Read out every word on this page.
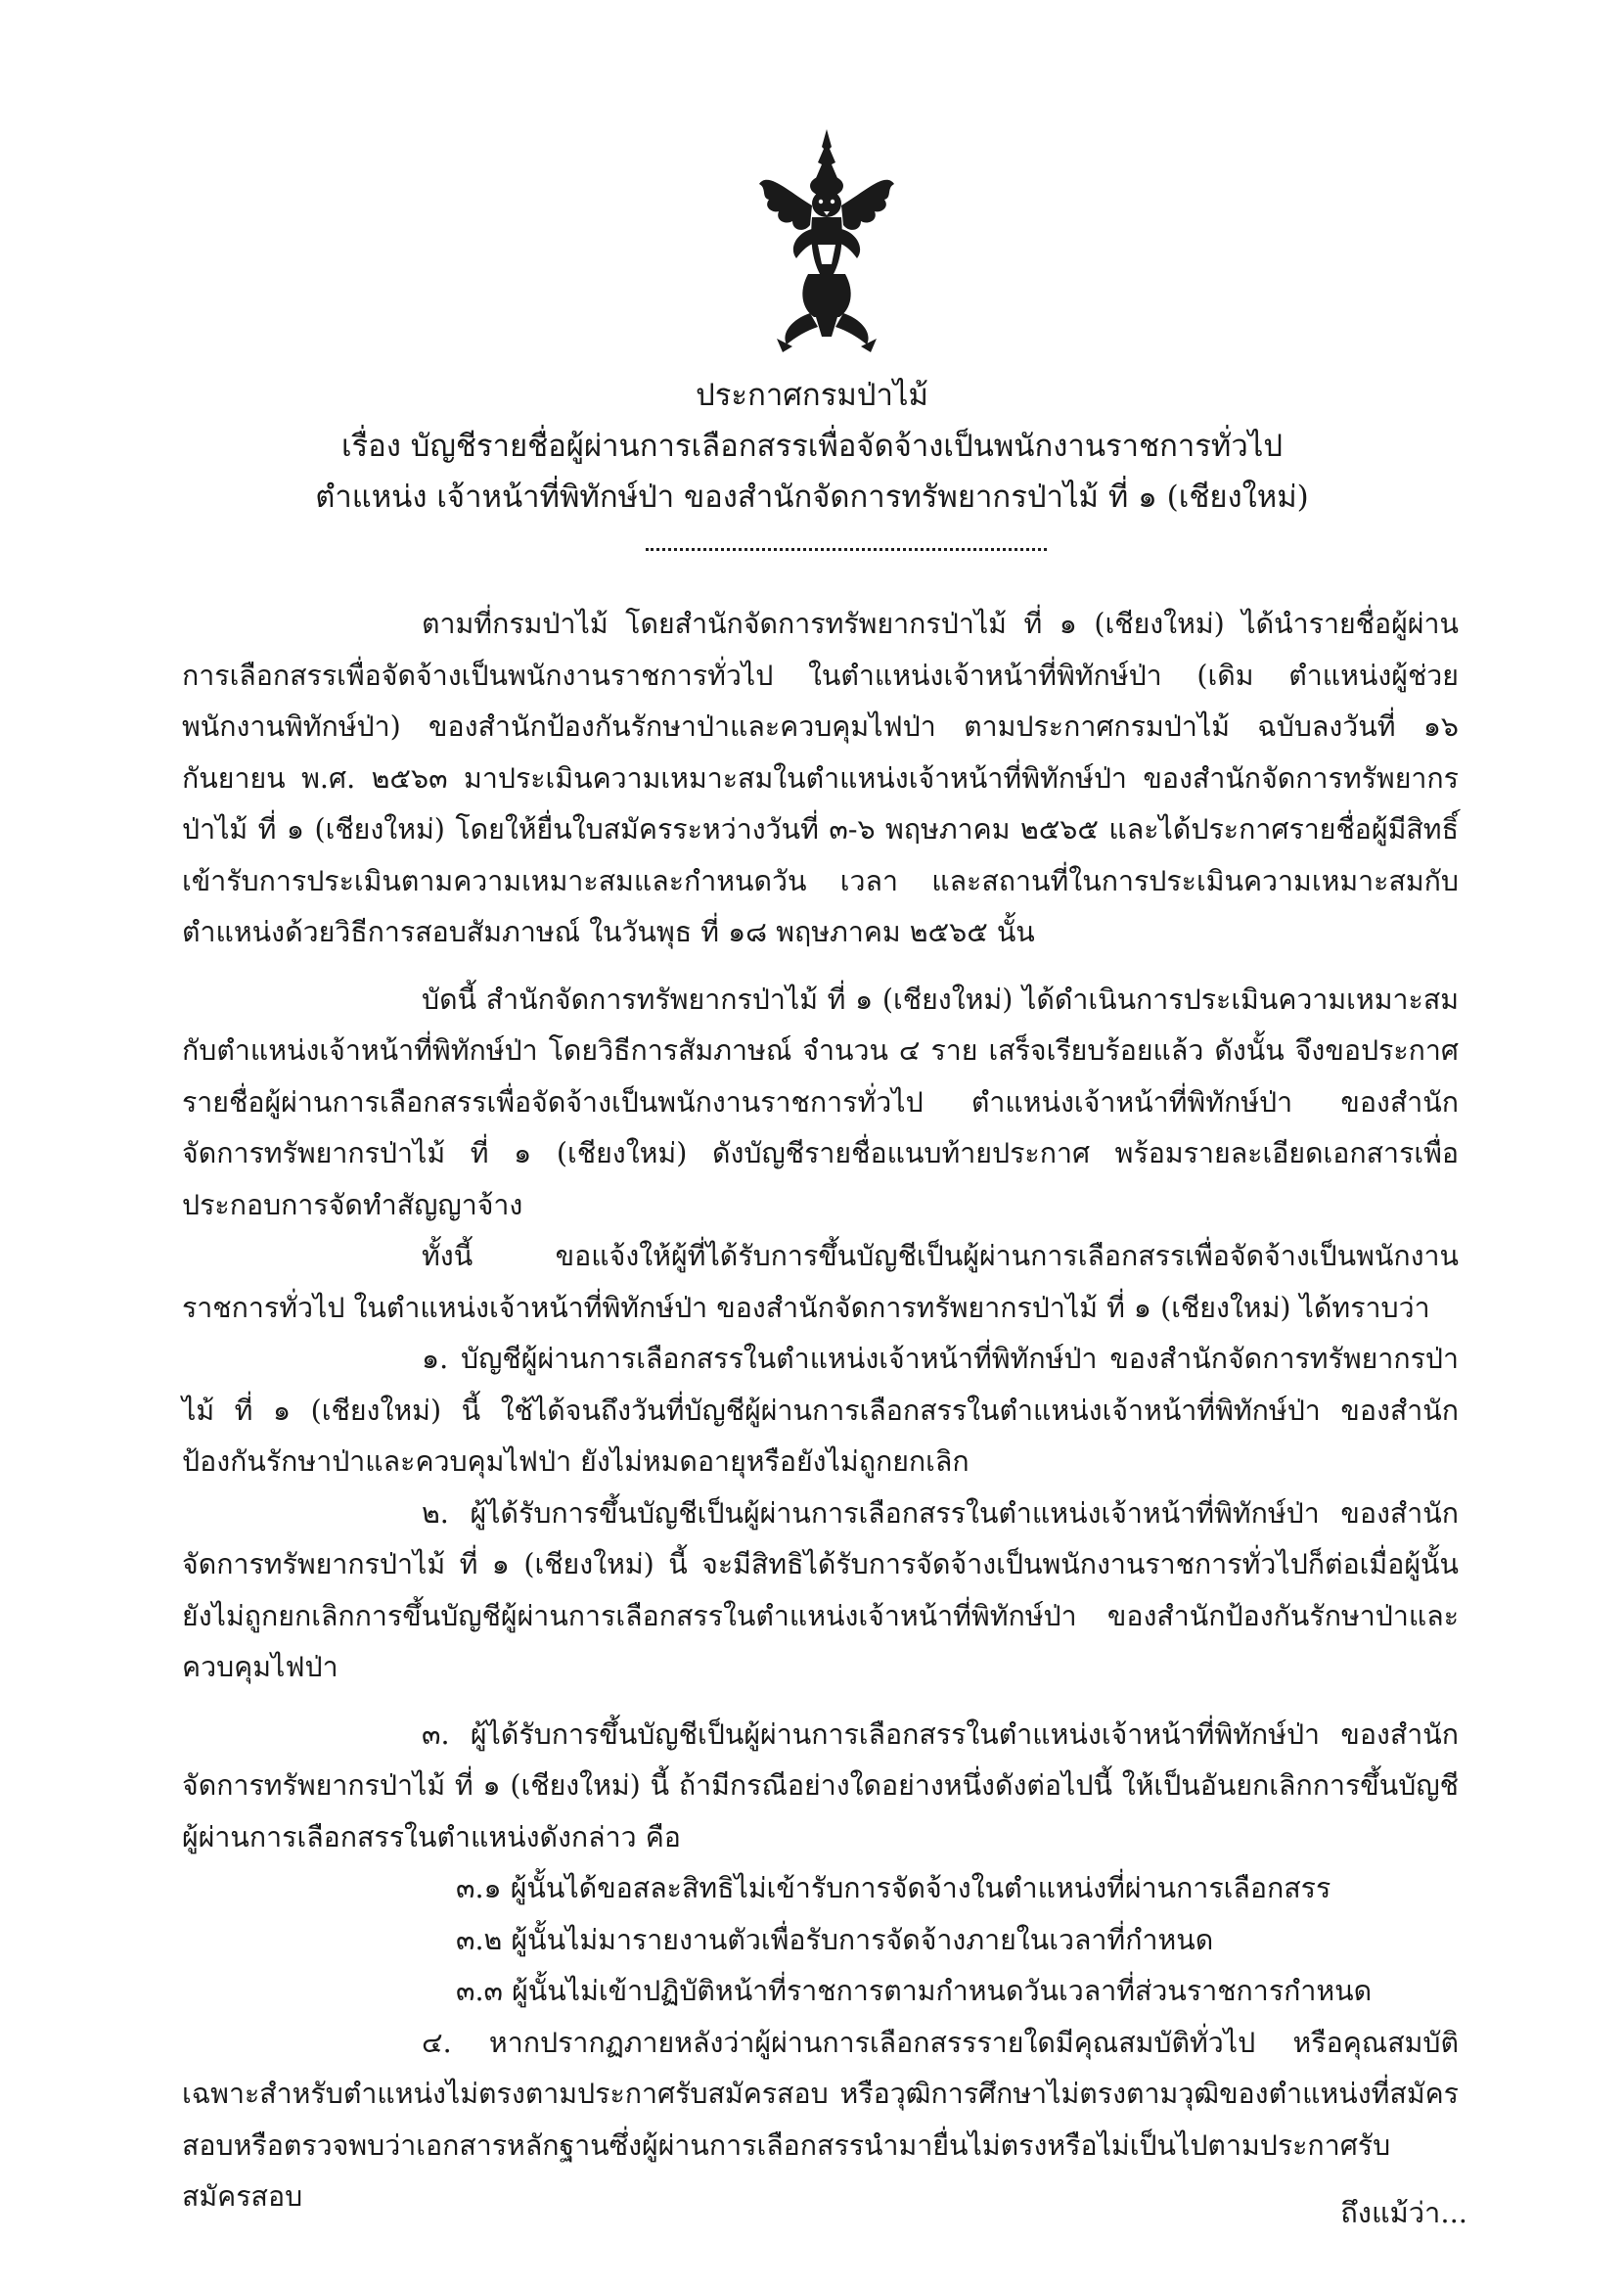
ประกาศกรมป่าไม้
เรื่อง บัญชีรายชื่อผู้ผ่านการเลือกสรรเพื่อจัดจ้างเป็นพนักงานราชการทั่วไป
ตำแหน่ง เจ้าหน้าที่พิทักษ์ป่า ของสำนักจัดการทรัพยากรป่าไม้ ที่ ๑ (เชียงใหม่)

ตามที่กรมป่าไม้ โดยสำนักจัดการทรัพยากรป่าไม้ ที่ ๑ (เชียงใหม่) ได้นำรายชื่อผู้ผ่านการเลือกสรรเพื่อจัดจ้างเป็นพนักงานราชการทั่วไป ในตำแหน่งเจ้าหน้าที่พิทักษ์ป่า (เดิม ตำแหน่งผู้ช่วยพนักงานพิทักษ์ป่า) ของสำนักป้องกันรักษาป่าและควบคุมไฟป่า ตามประกาศกรมป่าไม้ ฉบับลงวันที่ ๑๖ กันยายน พ.ศ. ๒๕๖๓ มาประเมินความเหมาะสมในตำแหน่งเจ้าหน้าที่พิทักษ์ป่า ของสำนักจัดการทรัพยากรป่าไม้ ที่ ๑ (เชียงใหม่) โดยให้ยื่นใบสมัครระหว่างวันที่ ๓-๖ พฤษภาคม ๒๕๖๕ และได้ประกาศรายชื่อผู้มีสิทธิ์เข้ารับการประเมินตามความเหมาะสมและกำหนดวัน เวลา และสถานที่ในการประเมินความเหมาะสมกับตำแหน่งด้วยวิธีการสอบสัมภาษณ์ ในวันพุธ ที่ ๑๘ พฤษภาคม ๒๕๖๕ นั้น

บัดนี้ สำนักจัดการทรัพยากรป่าไม้ ที่ ๑ (เชียงใหม่) ได้ดำเนินการประเมินความเหมาะสมกับตำแหน่งเจ้าหน้าที่พิทักษ์ป่า โดยวิธีการสัมภาษณ์ จำนวน ๔ ราย เสร็จเรียบร้อยแล้ว ดังนั้น จึงขอประกาศรายชื่อผู้ผ่านการเลือกสรรเพื่อจัดจ้างเป็นพนักงานราชการทั่วไป ตำแหน่งเจ้าหน้าที่พิทักษ์ป่า ของสำนักจัดการทรัพยากรป่าไม้ ที่ ๑ (เชียงใหม่) ดังบัญชีรายชื่อแนบท้ายประกาศ พร้อมรายละเอียดเอกสารเพื่อประกอบการจัดทำสัญญาจ้าง

ทั้งนี้ ขอแจ้งให้ผู้ที่ได้รับการขึ้นบัญชีเป็นผู้ผ่านการเลือกสรรเพื่อจัดจ้างเป็นพนักงานราชการทั่วไป ในตำแหน่งเจ้าหน้าที่พิทักษ์ป่า ของสำนักจัดการทรัพยากรป่าไม้ ที่ ๑ (เชียงใหม่) ได้ทราบว่า

๑. บัญชีผู้ผ่านการเลือกสรรในตำแหน่งเจ้าหน้าที่พิทักษ์ป่า ของสำนักจัดการทรัพยากรป่าไม้ ที่ ๑ (เชียงใหม่) นี้ ใช้ได้จนถึงวันที่บัญชีผู้ผ่านการเลือกสรรในตำแหน่งเจ้าหน้าที่พิทักษ์ป่า ของสำนักป้องกันรักษาป่าและควบคุมไฟป่า ยังไม่หมดอายุหรือยังไม่ถูกยกเลิก

๒. ผู้ได้รับการขึ้นบัญชีเป็นผู้ผ่านการเลือกสรรในตำแหน่งเจ้าหน้าที่พิทักษ์ป่า ของสำนักจัดการทรัพยากรป่าไม้ ที่ ๑ (เชียงใหม่) นี้ จะมีสิทธิได้รับการจัดจ้างเป็นพนักงานราชการทั่วไปก็ต่อเมื่อผู้นั้นยังไม่ถูกยกเลิกการขึ้นบัญชีผู้ผ่านการเลือกสรรในตำแหน่งเจ้าหน้าที่พิทักษ์ป่า ของสำนักป้องกันรักษาป่าและควบคุมไฟป่า

๓. ผู้ได้รับการขึ้นบัญชีเป็นผู้ผ่านการเลือกสรรในตำแหน่งเจ้าหน้าที่พิทักษ์ป่า ของสำนักจัดการทรัพยากรป่าไม้ ที่ ๑ (เชียงใหม่) นี้ ถ้ามีกรณีอย่างใดอย่างหนึ่งดังต่อไปนี้ ให้เป็นอันยกเลิกการขึ้นบัญชีผู้ผ่านการเลือกสรรในตำแหน่งดังกล่าว คือ

๓.๑ ผู้นั้นได้ขอสละสิทธิไม่เข้ารับการจัดจ้างในตำแหน่งที่ผ่านการเลือกสรร

๓.๒ ผู้นั้นไม่มารายงานตัวเพื่อรับการจัดจ้างภายในเวลาที่กำหนด

๓.๓ ผู้นั้นไม่เข้าปฏิบัติหน้าที่ราชการตามกำหนดวันเวลาที่ส่วนราชการกำหนด

๔. หากปรากฏภายหลังว่าผู้ผ่านการเลือกสรรรายใดมีคุณสมบัติทั่วไป หรือคุณสมบัติเฉพาะสำหรับตำแหน่งไม่ตรงตามประกาศรับสมัครสอบ หรือวุฒิการศึกษาไม่ตรงตามวุฒิของตำแหน่งที่สมัครสอบหรือตรวจพบว่าเอกสารหลักฐานซึ่งผู้ผ่านการเลือกสรรนำมายื่นไม่ตรงหรือไม่เป็นไปตามประกาศรับสมัครสอบ	ถึงแม้ว่า...
